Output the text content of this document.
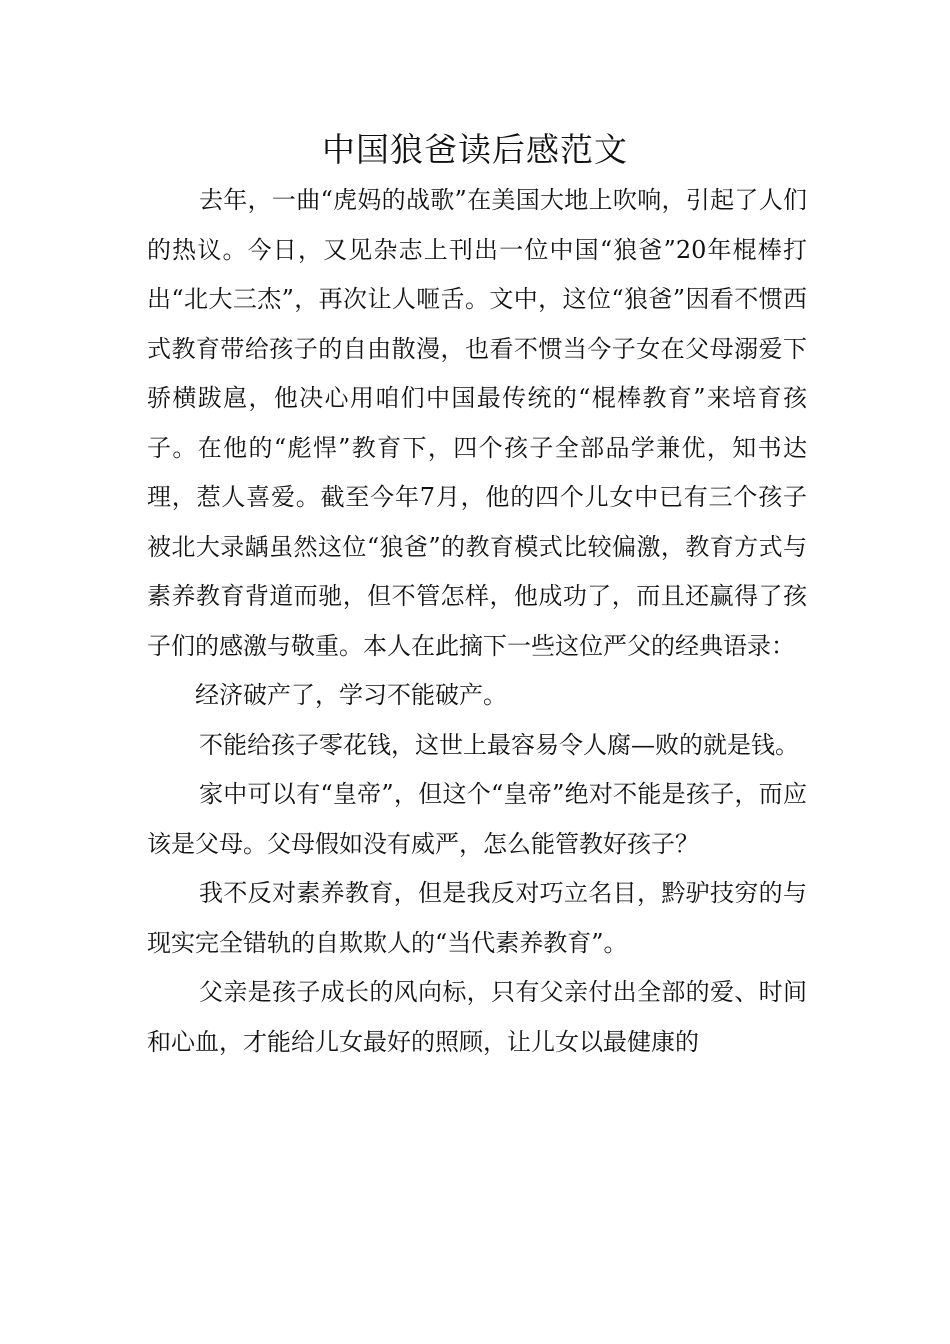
中国狼爸读后感范文

去年，一曲“虎妈的战歌”在美国大地上吹响，引起了人们的热议。今日，又见杂志上刊出一位中国“狼爸”20年棍棒打出“北大三杰”，再次让人咂舌。文中，这位“狼爸”因看不惯西式教育带给孩子的自由散漫，也看不惯当今子女在父母溺爱下骄横跋扈，他决心用咱们中国最传统的“棍棒教育”来培育孩子。在他的“彪悍”教育下，四个孩子全部品学兼优，知书达理，惹人喜爱。截至今年7月，他的四个儿女中已有三个孩子被北大录龋虽然这位“狼爸”的教育模式比较偏激，教育方式与素养教育背道而驰，但不管怎样，他成功了，而且还赢得了孩子们的感激与敬重。本人在此摘下一些这位严父的经典语录：

经济破产了，学习不能破产。

不能给孩子零花钱，这世上最容易令人腐—败的就是钱。

家中可以有“皇帝”，但这个“皇帝”绝对不能是孩子，而应该是父母。父母假如没有威严，怎么能管教好孩子？

我不反对素养教育，但是我反对巧立名目，黔驴技穷的与现实完全错轨的自欺欺人的“当代素养教育”。

父亲是孩子成长的风向标，只有父亲付出全部的爱、时间和心血，才能给儿女最好的照顾，让儿女以最健康的
